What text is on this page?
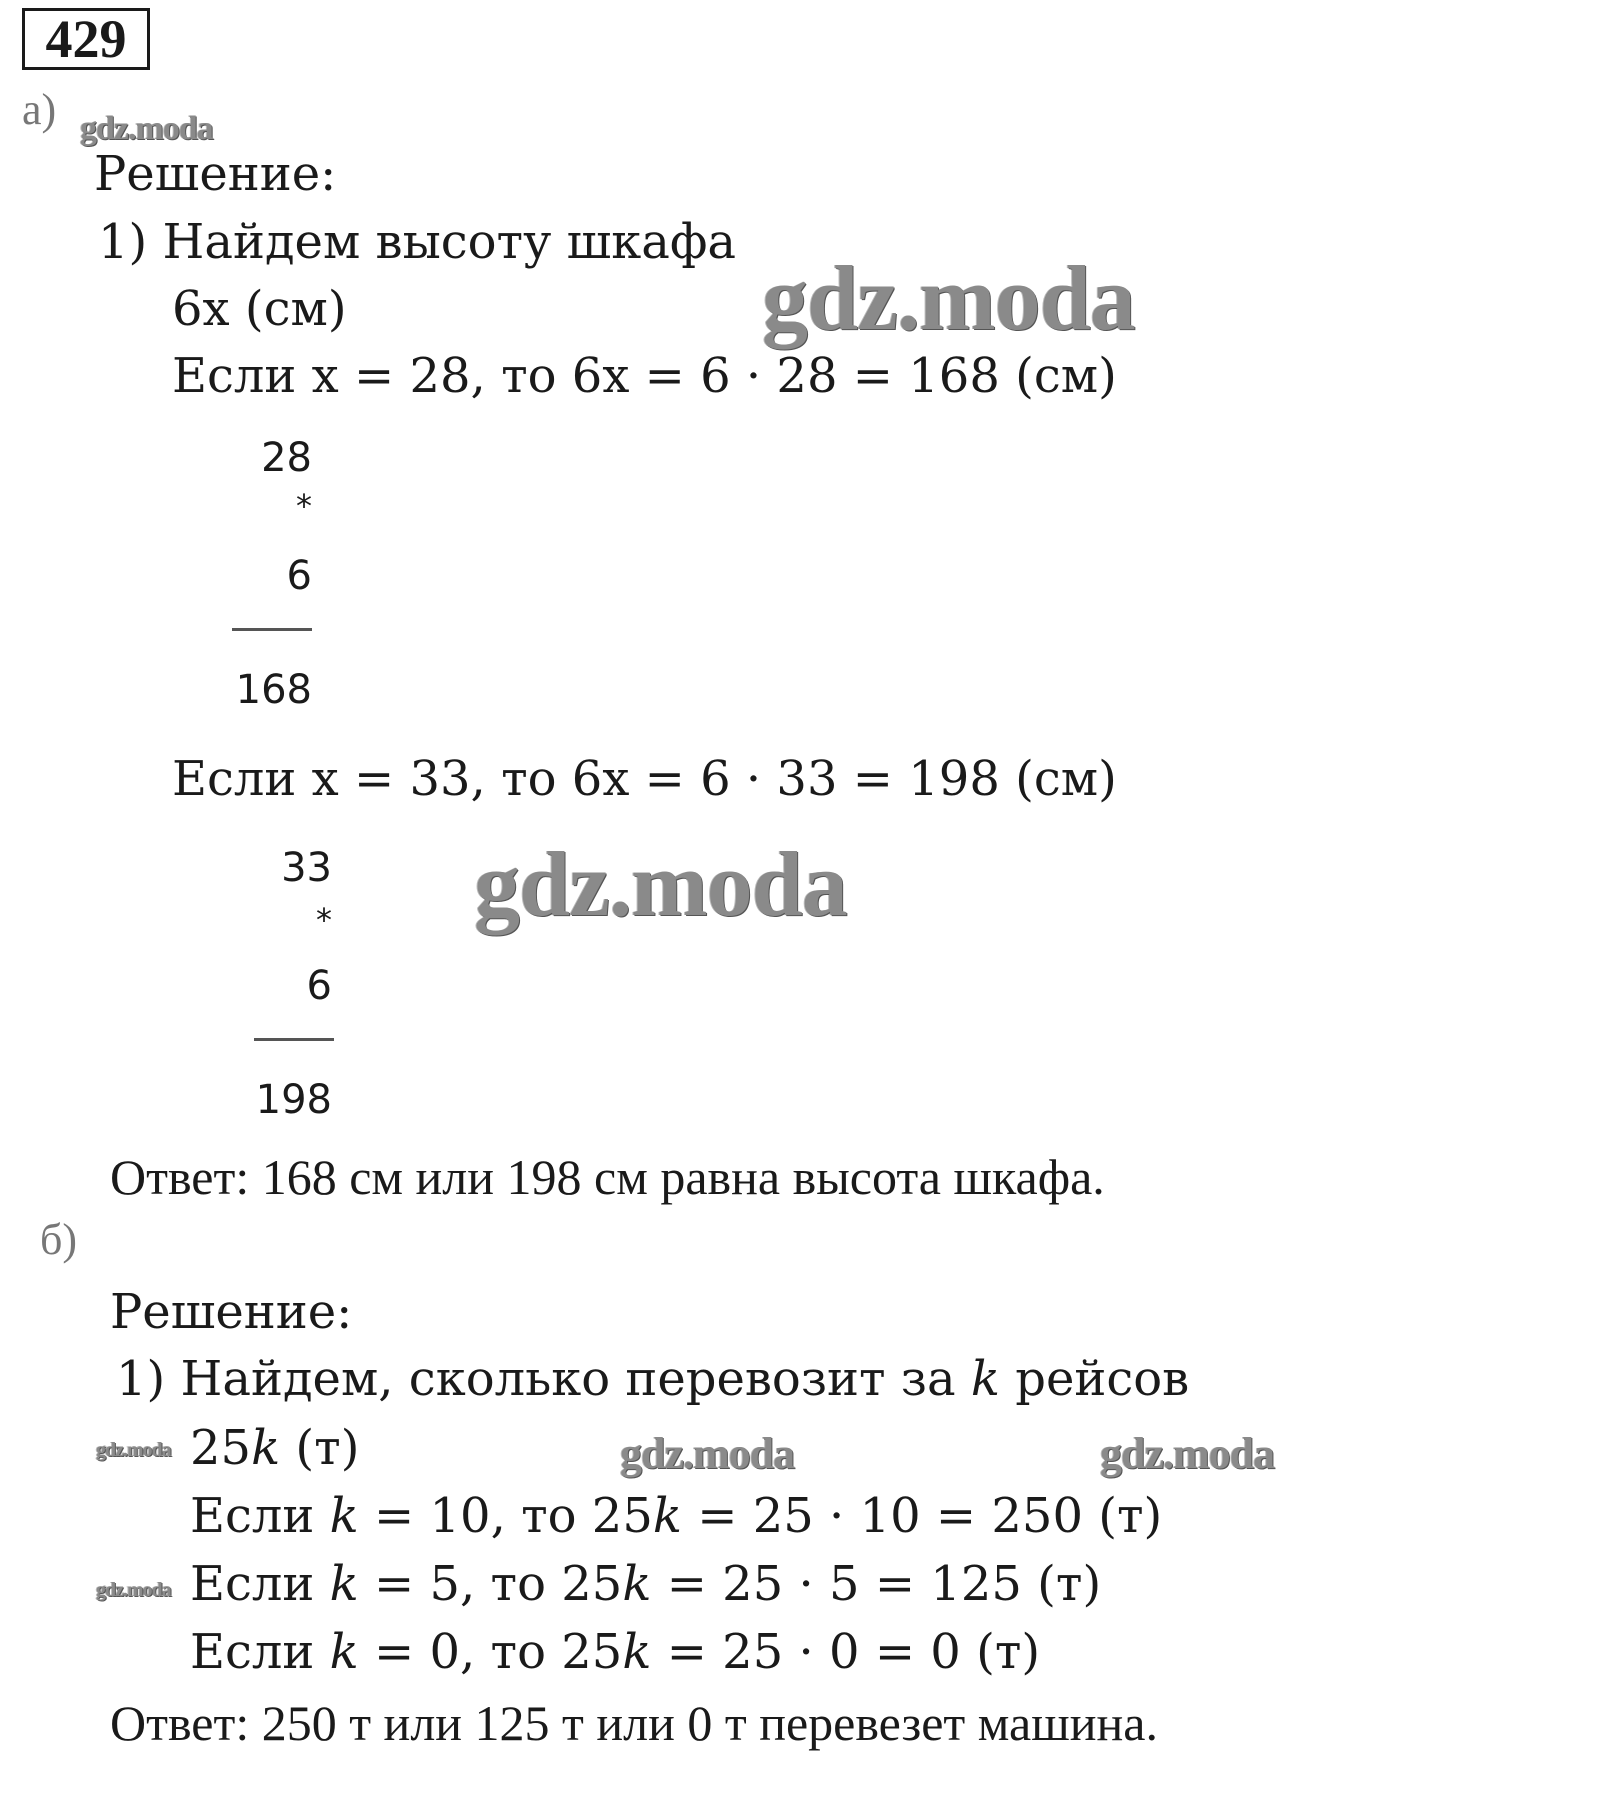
429
а) gdz.moda
Решение:
1) Найдем высоту шкафа
gdz.moda
6х (см)
Если х = 28, то 6х = 6 · 28 = 168 (см)
28
*
6
168
Если х = 33, то 6х = 6 · 33 = 198 (см)
33
*
6
198
gdz.moda
Ответ: 168 см или 198 см равна высота шкафа.
б)
Решение:
1) Найдем, сколько перевозит за k рейсов
gdz.moda 25k (т)	gdz.moda	gdz.moda
Если k = 10, то 25k = 25 · 10 = 250 (т)
gdz.moda Если k = 5, то 25k = 25 · 5 = 125 (т)
Если k = 0, то 25k = 25 · 0 = 0 (т)
Ответ: 250 т или 125 т или 0 т перевезет машина.
